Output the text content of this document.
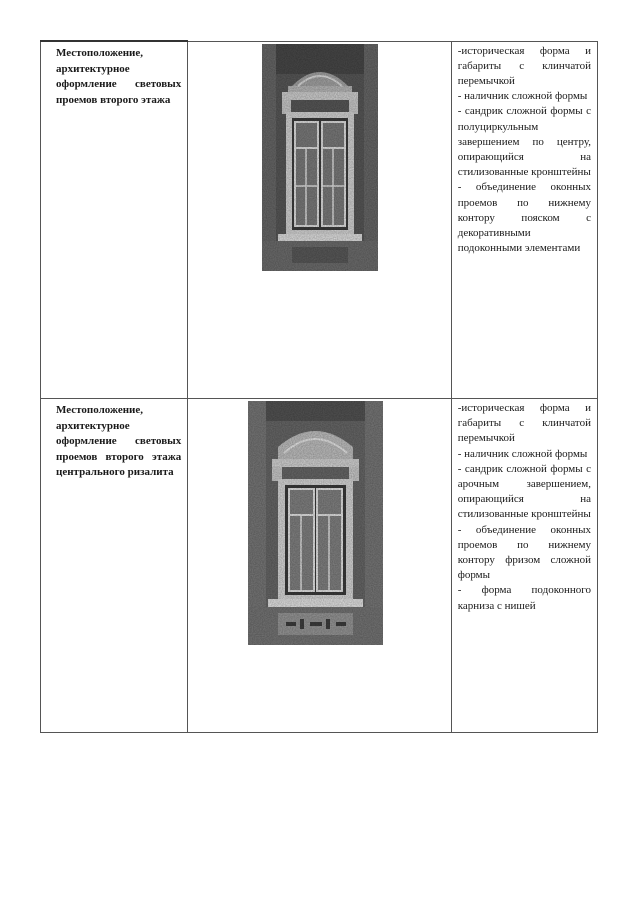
Местоположение, архитектурное оформление световых проемов второго этажа		-историческая форма и габариты с клинчатой перемычкой
- наличник сложной формы
- сандрик сложной формы с полуциркульным завершением по центру, опирающийся на стилизованные кронштейны
- объединение оконных проемов по нижнему контору пояском с декоративными подоконными элементами

Местоположение, архитектурное оформление световых проемов второго этажа центрального ризалита		-историческая форма и габариты с клинчатой перемычкой
- наличник сложной формы
- сандрик сложной формы с арочным завершением, опирающийся на стилизованные кронштейны
- объединение оконных проемов по нижнему контору фризом сложной формы
- форма подоконного карниза с нишей
